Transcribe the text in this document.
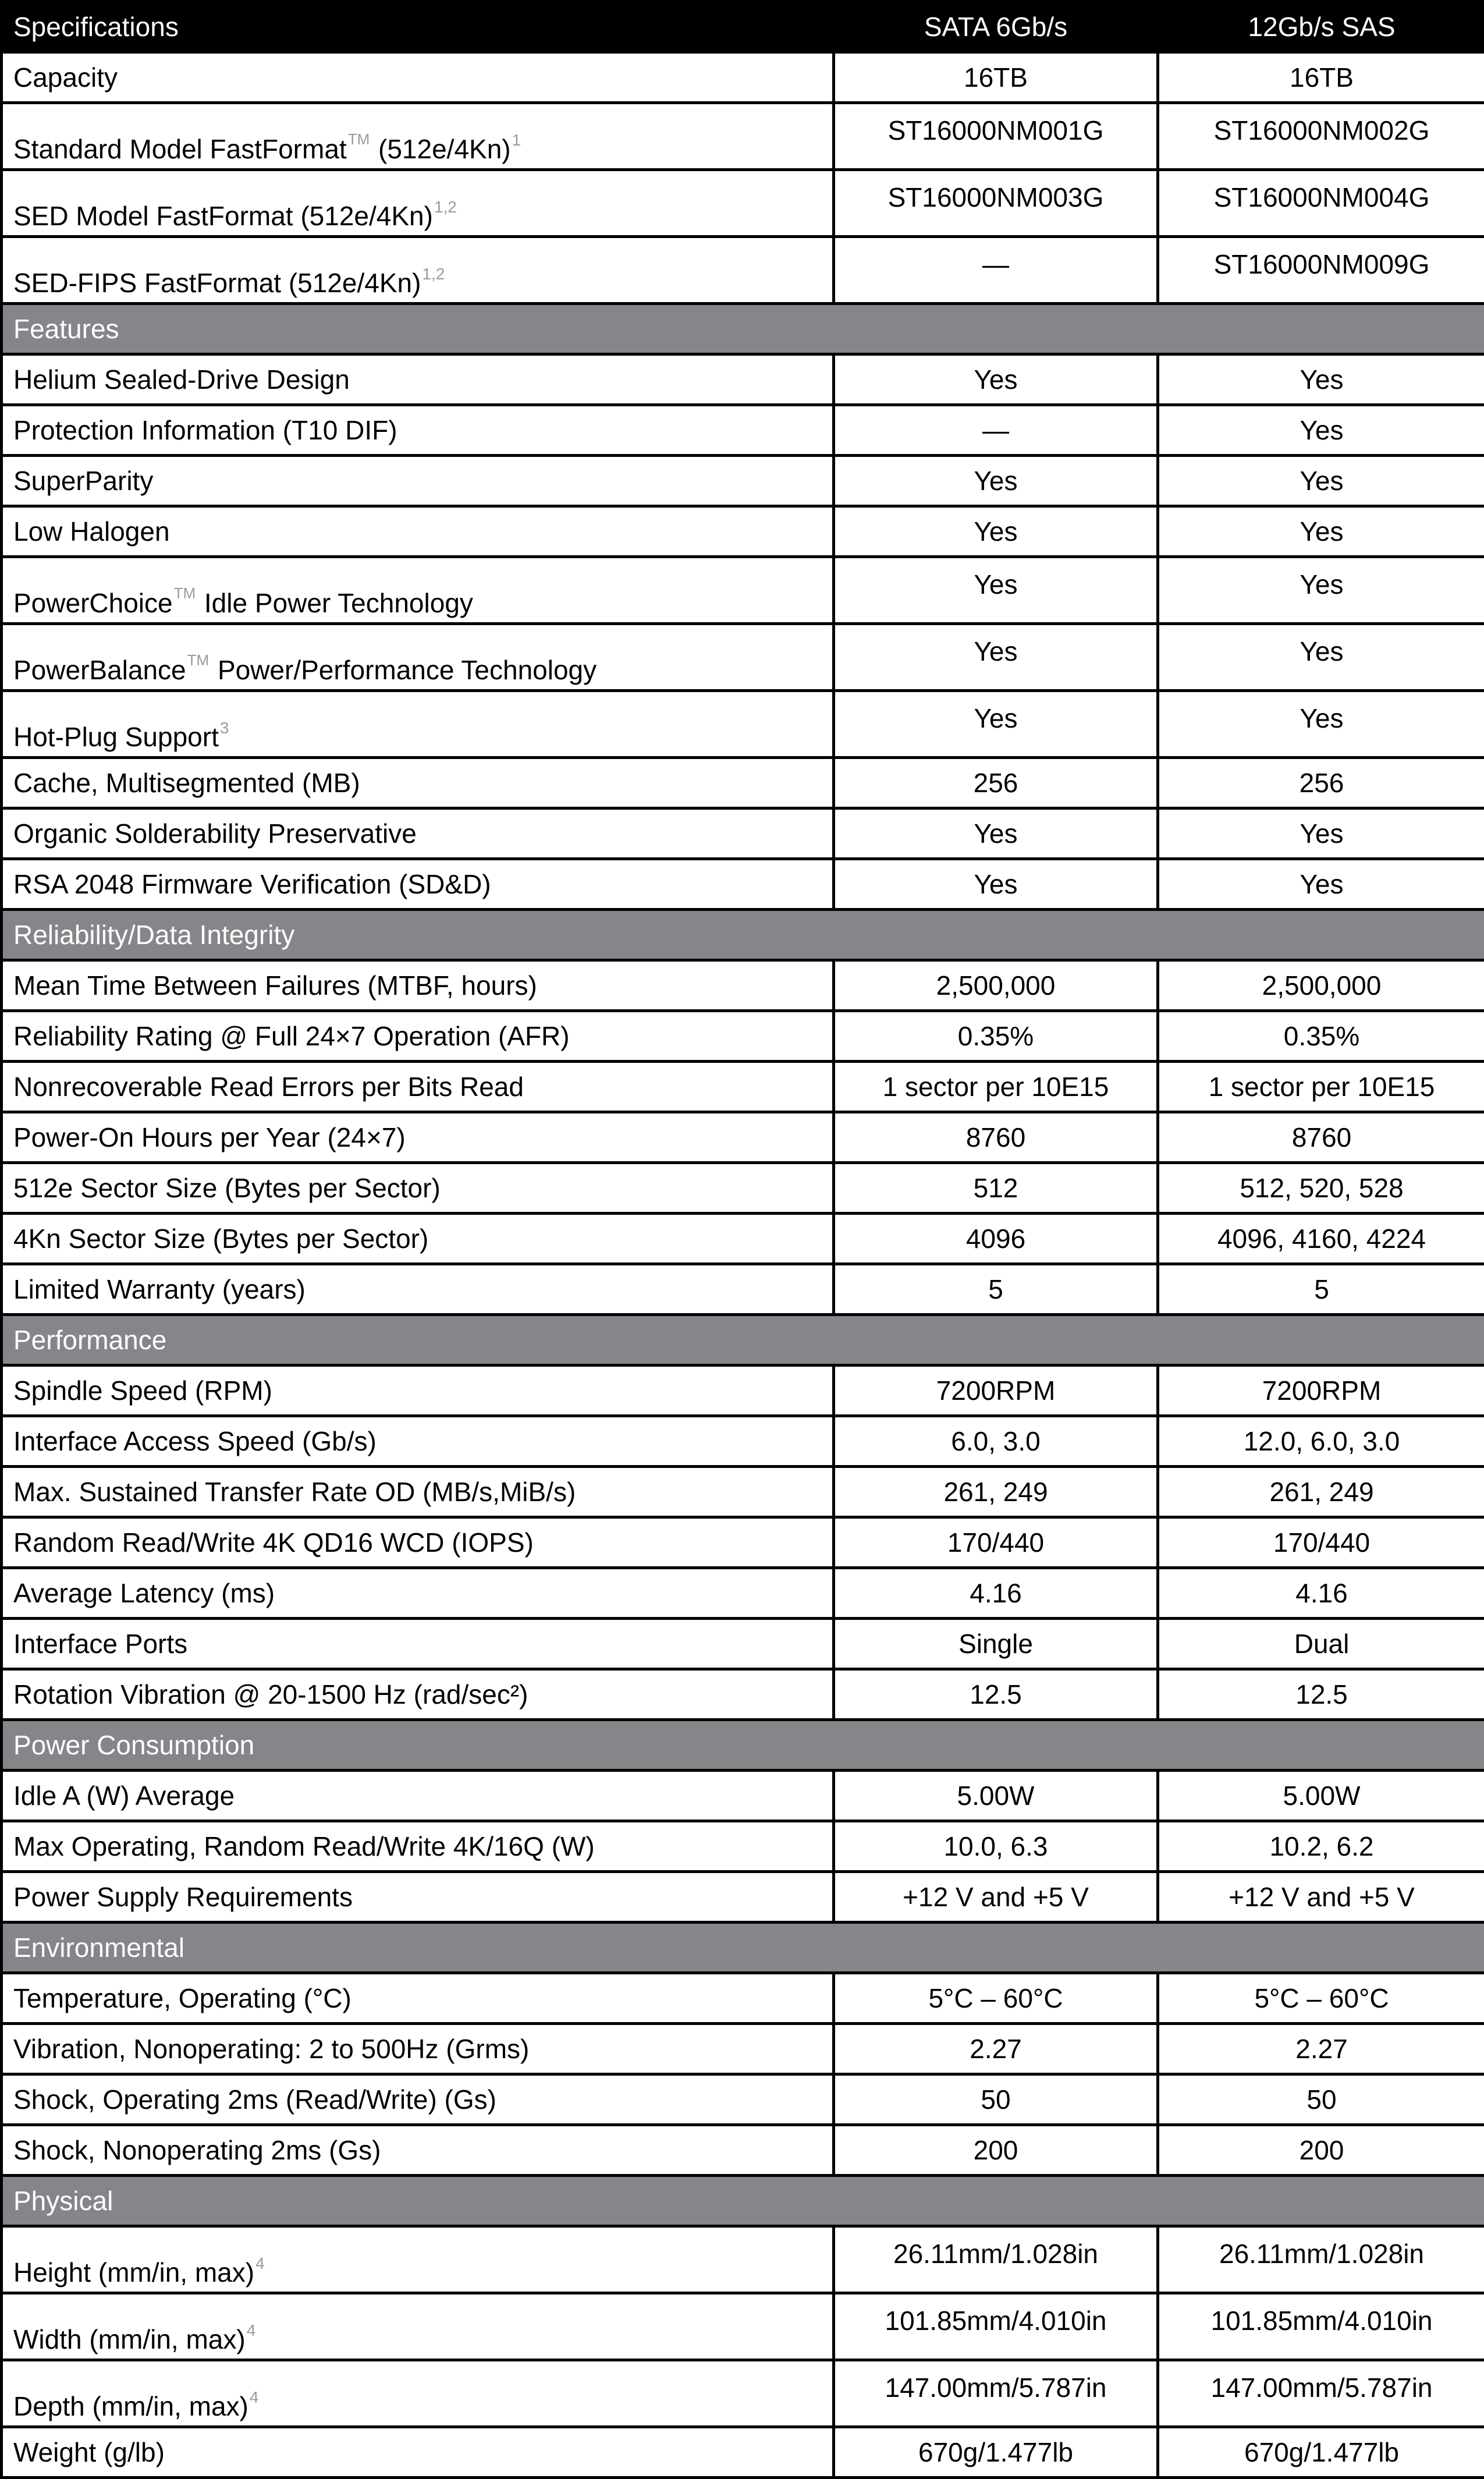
Specifications	SATA 6Gb/s	12Gb/s SAS
Capacity	16TB	16TB
Standard Model FastFormat™ $(512e/4Kn)^1$	ST16000NM001G	ST16000NM002G
SED Model FastFormat $(512e/4Kn)^{1,2}$	ST16000NM003G	ST16000NM004G
SED-FIPS FastFormat $(512e/4Kn)^{1,2}$	—	ST16000NM009G
Features		
Helium Sealed-Drive Design	Yes	Yes
Protection Information (T10 DIF)	—	Yes
SuperParity	Yes	Yes
Low Halogen	Yes	Yes
PowerChoice™ Idle Power Technology	Yes	Yes
PowerBalance™ Power/Performance Technology	Yes	Yes
Hot-Plug Support$^3$	Yes	Yes
Cache, Multisegmented (MB)	256	256
Organic Solderability Preservative	Yes	Yes
RSA 2048 Firmware Verification (SD&D)	Yes	Yes
Reliability/Data Integrity		
Mean Time Between Failures (MTBF, hours)	2,500,000	2,500,000
Reliability Rating @ Full 24×7 Operation (AFR)	0.35%	0.35%
Nonrecoverable Read Errors per Bits Read	1 sector per 10E15	1 sector per 10E15
Power-On Hours per Year (24×7)	8760	8760
512e Sector Size (Bytes per Sector)	512	512, 520, 528
4Kn Sector Size (Bytes per Sector)	4096	4096, 4160, 4224
Limited Warranty (years)	5	5
Performance		
Spindle Speed (RPM)	7200RPM	7200RPM
Interface Access Speed (Gb/s)	6.0, 3.0	12.0, 6.0, 3.0
Max. Sustained Transfer Rate OD (MB/s,MiB/s)	261, 249	261, 249
Random Read/Write 4K QD16 WCD (IOPS)	170/440	170/440
Average Latency (ms)	4.16	4.16
Interface Ports	Single	Dual
Rotation Vibration @ 20-1500 Hz (rad/sec²)	12.5	12.5
Power Consumption		
Idle A (W) Average	5.00W	5.00W
Max Operating, Random Read/Write 4K/16Q (W)	10.0, 6.3	10.2, 6.2
Power Supply Requirements	+12 V and +5 V	+12 V and +5 V
Environmental		
Temperature, Operating (°C)	5°C – 60°C	5°C – 60°C
Vibration, Nonoperating: 2 to 500Hz (Grms)	2.27	2.27
Shock, Operating 2ms (Read/Write) (Gs)	50	50
Shock, Nonoperating 2ms (Gs)	200	200
Physical		
Height (mm/in, max)$^4$	26.11mm/1.028in	26.11mm/1.028in
Width (mm/in, max)$^4$	101.85mm/4.010in	101.85mm/4.010in
Depth (mm/in, max)$^4$	147.00mm/5.787in	147.00mm/5.787in
Weight (g/lb)	670g/1.477lb	670g/1.477lb
